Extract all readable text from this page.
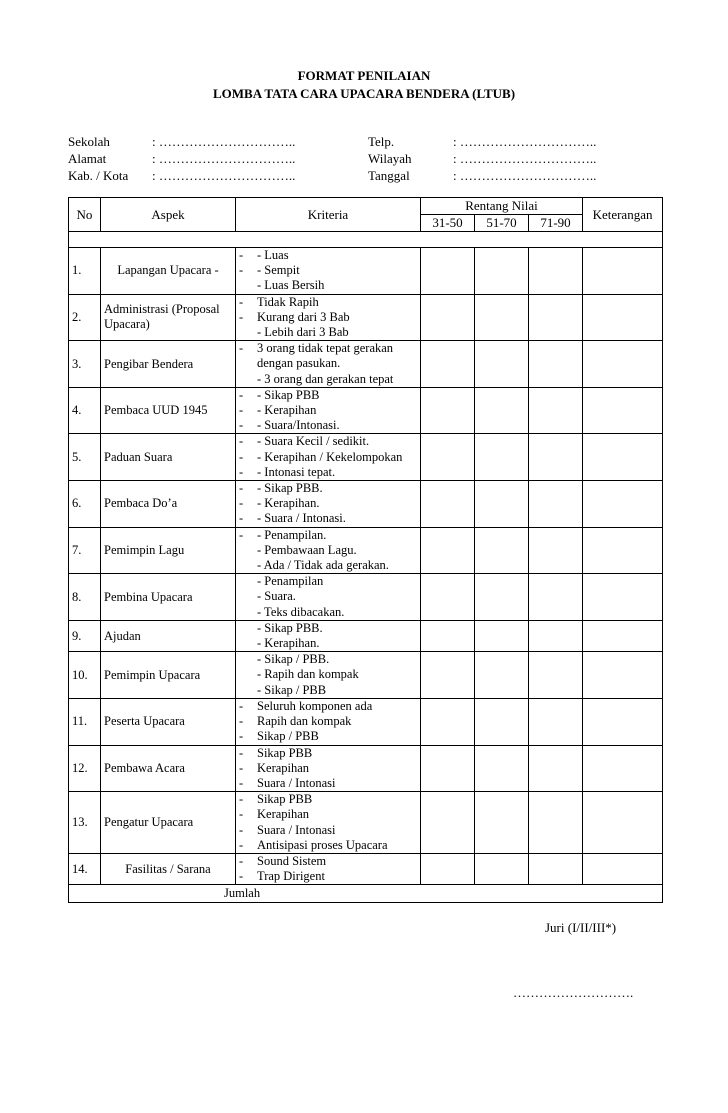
FORMAT PENILAIAN
LOMBA TATA CARA UPACARA BENDERA (LTUB)
Sekolah	: …………………………..
Alamat	: …………………………..
Kab. / Kota : …………………………..
Telp.	: …………………………..
Wilayah	: …………………………..
Tanggal	: …………………………..
No	Aspek	Kriteria	Rentang Nilai			Keterangan
			31-50	51-70	71-90	

1.	Lapangan Upacara -	- - Luas
- - Sempit
- Luas Bersih				

2.	Administrasi (Proposal Upacara)	- Tidak Rapih
- Kurang dari 3 Bab
- Lebih dari 3 Bab				

3.	Pengibar Bendera	- 3 orang tidak tepat gerakan
dengan pasukan.
- 3 orang dan gerakan tepat				

4.	Pembaca UUD 1945	- - Sikap PBB
- - Kerapihan
- - Suara/Intonasi.				

5.	Paduan Suara	- - Suara Kecil / sedikit.
- - Kerapihan / Kekelompokan
- - Intonasi tepat.				

6.	Pembaca Do’a	- - Sikap PBB.
- - Kerapihan.
- - Suara / Intonasi.				

7.	Pemimpin Lagu	- - Penampilan.
- Pembawaan Lagu.
- Ada / Tidak ada gerakan.				

8.	Pembina Upacara	- Penampilan
- Suara.
- Teks dibacakan.				

9.	Ajudan	- Sikap PBB.
- Kerapihan.				

10.	Pemimpin Upacara	- Sikap / PBB.
- Rapih dan kompak
- Sikap / PBB				

11.	Peserta Upacara	- Seluruh komponen ada
- Rapih dan kompak
- Sikap / PBB				

12.	Pembawa Acara	- Sikap PBB
- Kerapihan
- Suara / Intonasi				

13.	Pengatur Upacara	- Sikap PBB
- Kerapihan
- Suara / Intonasi
- Antisipasi proses Upacara				

14.	Fasilitas / Sarana	- Sound Sistem
- Trap Dirigent				

Jumlah						
Juri (I/II/III*)
……………………….
